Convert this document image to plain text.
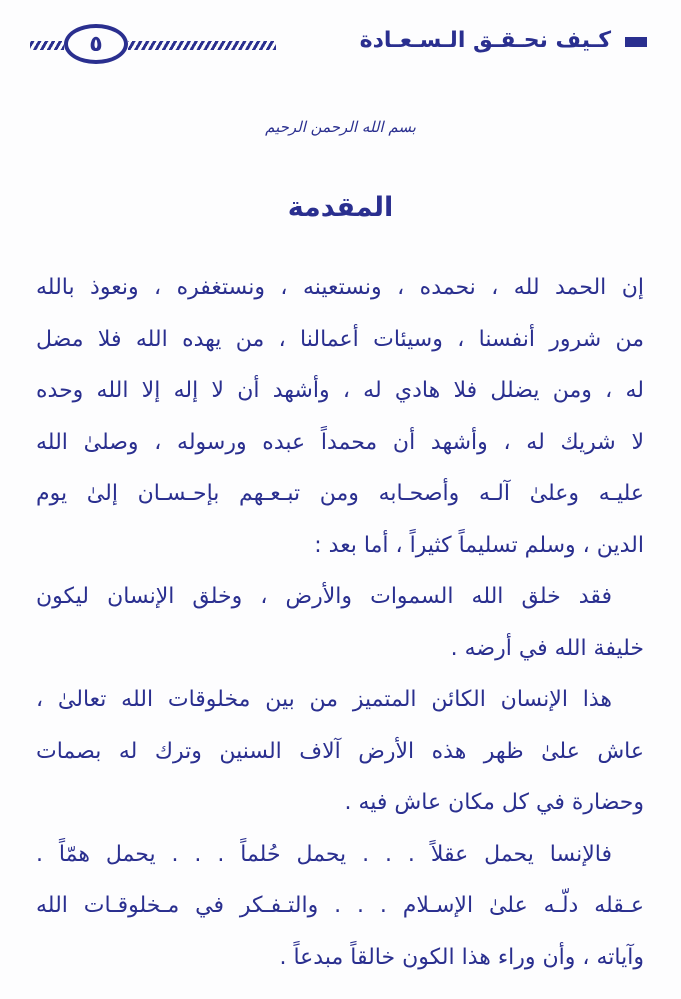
٥	كـيف نحـقـق الـسـعـادة
بسم الله الرحمن الرحيم
المقدمة
إن الحمد لله ، نحمده ، ونستعينه ، ونستغفره ، ونعوذ بالله
من شرور أنفسنا ، وسيئات أعمالنا ، من يهده الله فلا مضل
له ، ومن يضلل فلا هادي له ، وأشهد أن لا إله إلا الله وحده
لا شريك له ، وأشهد أن محمداً عبده ورسوله ، وصلىٰ الله
عليـه وعلىٰ آلـه وأصحـابه ومن تبـعـهم بإحـسـان إلىٰ يوم
الدين ، وسلم تسليماً كثيراً ، أما بعد :
فقد خلق الله السموات والأرض ، وخلق الإنسان ليكون
خليفة الله في أرضه .
هذا الإنسان الكائن المتميز من بين مخلوقات الله تعالىٰ ،
عاش علىٰ ظهر هذه الأرض آلاف السنين وترك له بصمات
وحضارة في كل مكان عاش فيه .
فالإنسا يحمل عقلاً . . . يحمل حُلماً . . . يحمل همّاً .
عـقله دلّـه علىٰ الإسـلام . . . والتـفـكر في مـخلوقـات الله
وآياته ، وأن وراء هذا الكون خالقاً مبدعاً .
